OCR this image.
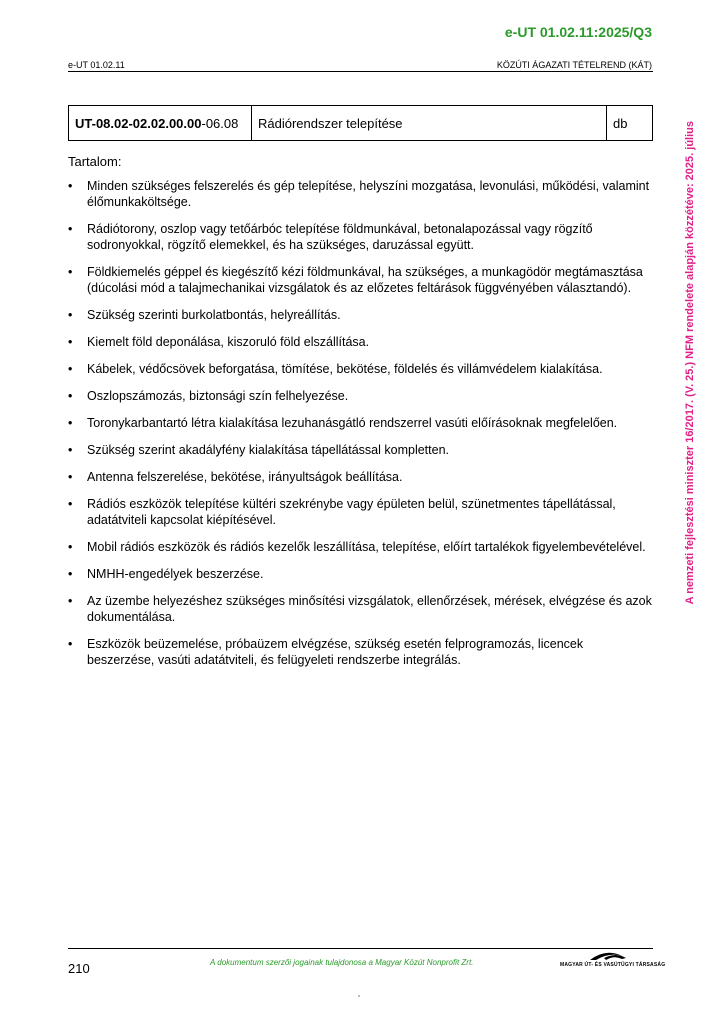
e-UT 01.02.11:2025/Q3
e-UT 01.02.11	KÖZÚTI ÁGAZATI TÉTELREND (KÁT)
UT-08.02-02.02.00.00 -06.08	Rádiórendszer telepítése	db
Tartalom:
• Minden szükséges felszerelés és gép telepítése, helyszíni mozgatása, levonulási, működési, valamint élőmunkaköltsége.
• Rádiótorony, oszlop vagy tetőárbóc telepítése földmunkával, betonalapozással vagy rögzítő sodronyokkal, rögzítő elemekkel, és ha szükséges, daruzással együtt.
• Földkiemelés géppel és kiegészítő kézi földmunkával, ha szükséges, a munkagödör megtámasztása (dúcolási mód a talajmechanikai vizsgálatok és az előzetes feltárások függvényében választandó).
• Szükség szerinti burkolatbontás, helyreállítás.
• Kiemelt föld deponálása, kiszoruló föld elszállítása.
• Kábelek, védőcsövek beforgatása, tömítése, bekötése, földelés és villámvédelem kialakítása.
• Oszlopszámozás, biztonsági szín felhelyezése.
• Toronykarbantartó létra kialakítása lezuhanásgátló rendszerrel vasúti előírásoknak megfelelően.
• Szükség szerint akadályfény kialakítása tápellátással kompletten.
• Antenna felszerelése, bekötése, irányultságok beállítása.
• Rádiós eszközök telepítése kültéri szekrénybe vagy épületen belül, szünetmentes tápellátással, adatátviteli kapcsolat kiépítésével.
• Mobil rádiós eszközök és rádiós kezelők leszállítása, telepítése, előírt tartalékok figyelembevételével.
• NMHH-engedélyek beszerzése.
• Az üzembe helyezéshez szükséges minősítési vizsgálatok, ellenőrzések, mérések, elvégzése és azok dokumentálása.
• Eszközök beüzemelése, próbaüzem elvégzése, szükség esetén felprogramozás, licencek beszerzése, vasúti adatátviteli, és felügyeleti rendszerbe integrálás.
A nemzeti fejlesztési miniszter 16/2017. (V. 25.) NFM rendelete alapján közzétéve: 2025. július
210	A dokumentum szerzői jogainak tulajdonosa a Magyar Közút Nonprofit Zrt.	MAGYAR ÚT- ÉS VASÚTÜGYI TÁRSASÁG
